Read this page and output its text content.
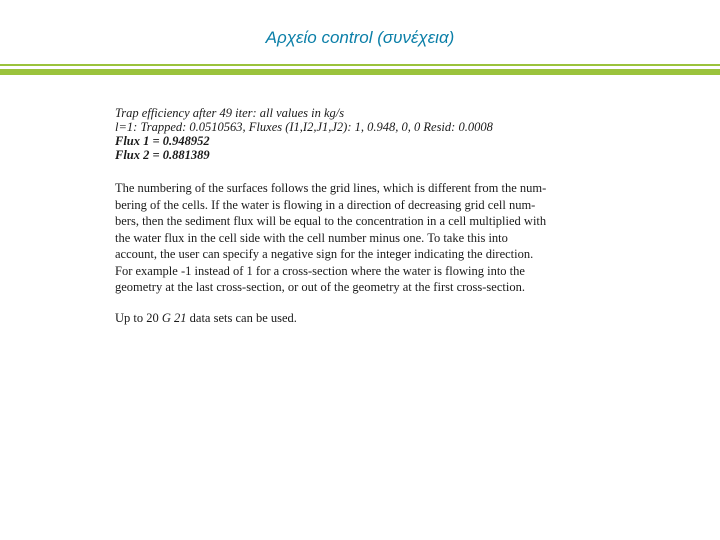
Αρχείο control (συνέχεια)
Trap efficiency after 49 iter: all values in kg/s
l=1: Trapped: 0.0510563, Fluxes (I1,I2,J1,J2): 1, 0.948, 0, 0 Resid: 0.0008
Flux 1 = 0.948952
Flux 2 = 0.881389
The numbering of the surfaces follows the grid lines, which is different from the num-
bering of the cells. If the water is flowing in a direction of decreasing grid cell num-
bers, then the sediment flux will be equal to the concentration in a cell multiplied with
the water flux in the cell side with the cell number minus one. To take this into
account, the user can specify a negative sign for the integer indicating the direction.
For example -1 instead of 1 for a cross-section where the water is flowing into the
geometry at the last cross-section, or out of the geometry at the first cross-section.
Up to 20 G 21 data sets can be used.
